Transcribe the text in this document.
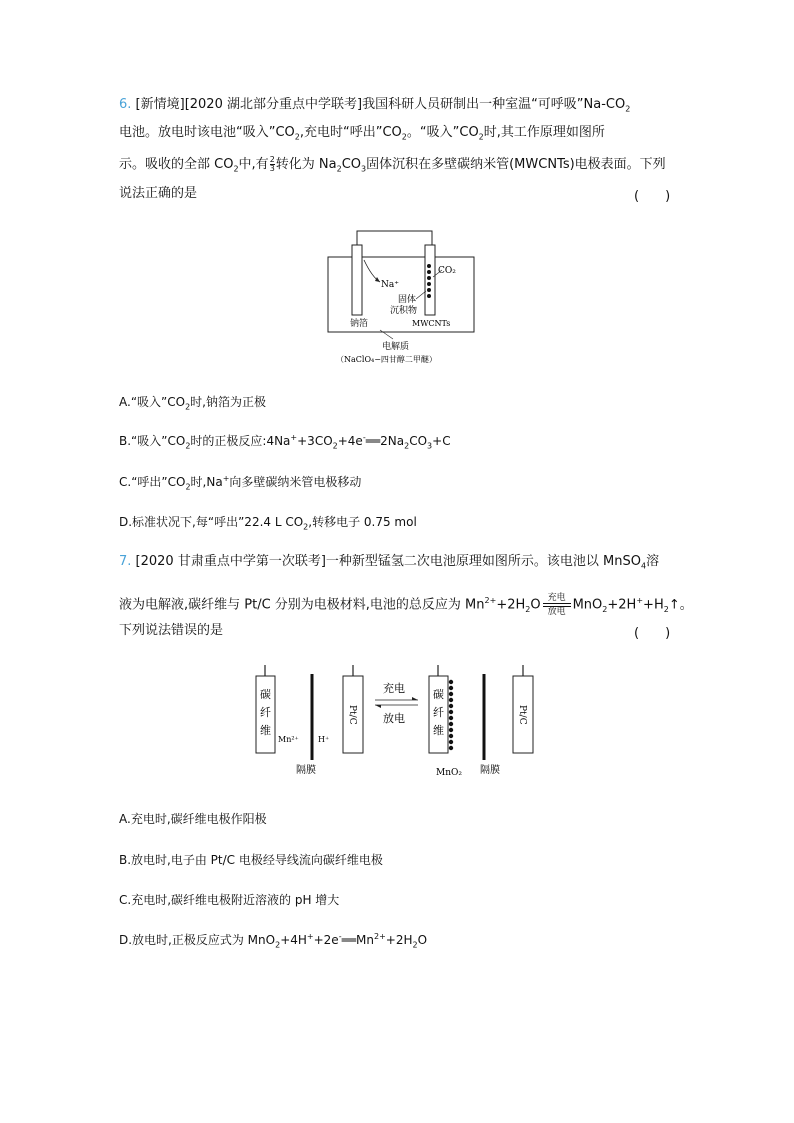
6. [新情境][2020 湖北部分重点中学联考]我国科研人员研制出一种室温“可呼吸$”Na-CO_2$
电池。放电时该电池“吸入$”CO_2$,充电时“呼出$”CO_2$。“吸入$”CO_2$时,其工作原理如图所
示。吸收的全部 $CO_2$中,有 $\frac{2}{3}$ 转化为 $Na_2CO_3$固体沉积在多壁碳纳米管(MWCNTs)电极表面。下列
说法正确的是	(　　)
Na⁺
CO₂
固体
沉积物
钠箔	MWCNTs
电解质
（NaClO₄−四甘醇二甲醚）
A.“吸入$”CO_2$时,钠箔为正极
B.“吸入$”CO_2$时的正极反应$:4Na^++3CO_2+4e^-══2Na_2CO_3+C$
C.“呼出$”CO_2$时,Na+向多壁碳纳米管电极移动
D.标准状况下,每“呼出”22.4 L $CO_2$,转移电子 0.75 mol
7. [2020 甘肃重点中学第一次联考]一种新型锰氢二次电池原理如图所示。该电池以 MnSO$_4$溶
液为电解液,碳纤维与 Pt/C 分别为电极材料,电池的总反应为 $Mn^{2+}+2H_2O$ 充电
放电 $MnO_2+2H^++H_2↑$。
下列说法错误的是	(　　)
碳纤维
Mn²⁺ H⁺
隔膜
Pt/C
充电
放电
碳纤维
MnO₂ 隔膜
Pt/C
A.充电时,碳纤维电极作阳极
B.放电时,电子由 Pt/C 电极经导线流向碳纤维电极
C.充电时,碳纤维电极附近溶液的 pH 增大
D.放电时,正极反应式为 $MnO_2+4H^++2e^-══Mn^{2+}+2H_2O$
